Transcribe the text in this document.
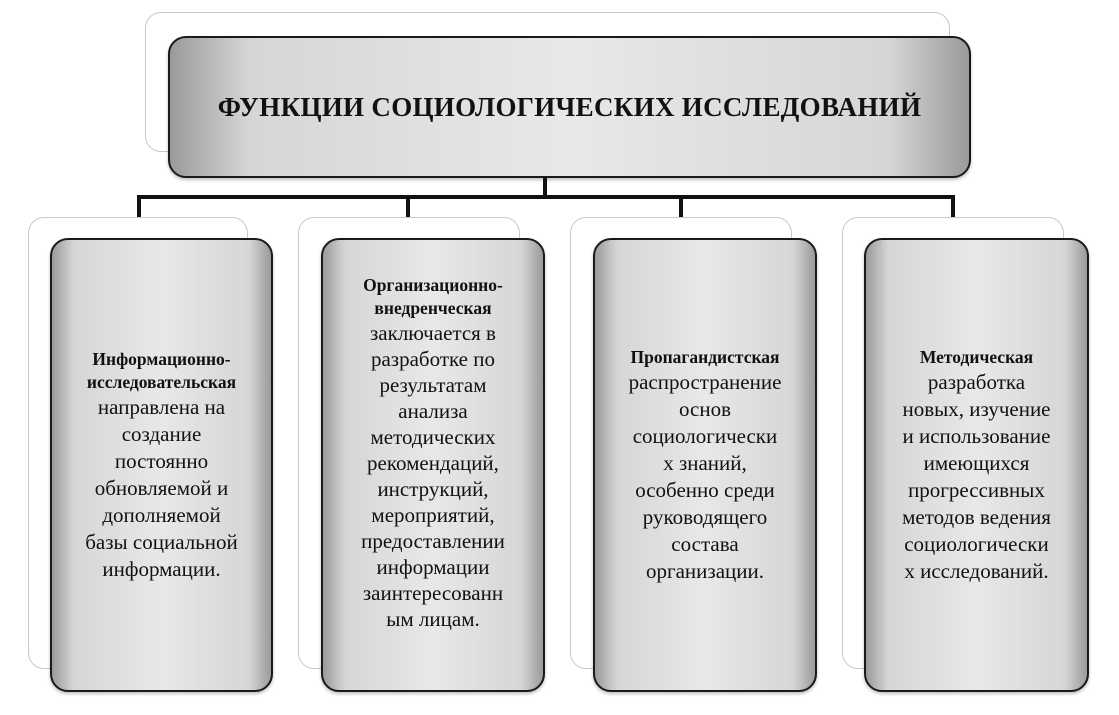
ФУНКЦИИ СОЦИОЛОГИЧЕСКИХ ИССЛЕДОВАНИЙ
Информационно-
исследовательская
направлена на
создание
постоянно
обновляемой и
дополняемой
базы социальной
информации.
Организационно-
внедренческая
заключается в
разработке по
результатам
анализа
методических
рекомендаций,
инструкций,
мероприятий,
предоставлении
информации
заинтересованн
ым лицам.
Пропагандистская
распространение
основ
социологически
х знаний,
особенно среди
руководящего
состава
организации.
Методическая
разработка
новых, изучение
и использование
имеющихся
прогрессивных
методов ведения
социологически
х исследований.
